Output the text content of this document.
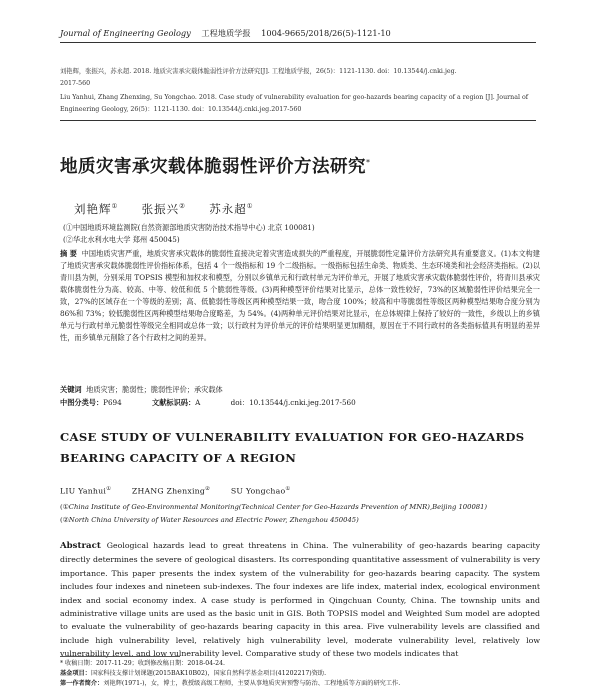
Journal of Engineering Geology 工程地质学报 1004-9665/2018/26(5)-1121-10
刘艳辉，张振兴，苏永超. 2018. 地质灾害承灾载体脆弱性评价方法研究[J]. 工程地质学报，26(5)：1121-1130. doi：10.13544/j.cnki.jeg.
2017-560
Liu Yanhui, Zhang Zhenxing, Su Yongchao. 2018. Case study of vulnerability evaluation for geo-hazards bearing capacity of a region [J]. Journal of
Engineering Geology, 26(5)：1121-1130. doi：10.13544/j.cnki.jeg.2017-560
地质灾害承灾载体脆弱性评价方法研究*
刘艳辉① 张振兴② 苏永超①
(①中国地质环境监测院(自然资源部地质灾害防治技术指导中心) 北京 100081)
(②华北水利水电大学 郑州 450045)
摘 要 中国地质灾害严重，地质灾害承灾载体的脆弱性直接决定着灾害造成损失的严重程度，开展脆弱性定量评价方法研究具有重要意义。(1)本文构建了地质灾害承灾载体脆弱性评价指标体系，包括 4 个一级指标和 19 个二级指标。一级指标包括生命类、物质类、生态环境类和社会经济类指标。(2)以青川县为例，分别采用 TOPSIS 模型和加权求和模型，分别以乡镇单元和行政村单元为评价单元，开展了地质灾害承灾载体脆弱性评价，将青川县承灾载体脆弱性分为高、较高、中等、较低和低 5 个脆弱性等级。(3)两种模型评价结果对比显示，总体一致性较好，73%的区域脆弱性评价结果完全一致，27%的区域存在一个等级的差别；高、低脆弱性等级区两种模型结果一致，吻合度 100%；较高和中等脆弱性等级区两种模型结果吻合度分别为 86%和 73%；较低脆弱性区两种模型结果吻合度略差，为 54%。(4)两种单元评价结果对比显示，在总体规律上保持了较好的一致性，乡级以上的乡镇单元与行政村单元脆弱性等级完全相同或总体一致；以行政村为评价单元的评价结果明显更加精细，原因在于不同行政村的各类指标值具有明显的差异性，而乡镇单元削除了各个行政村之间的差异。
关键词 地质灾害；脆弱性；脆弱性评价；承灾载体
中图分类号：P694	文献标识码：A	doi：10.13544/j.cnki.jeg.2017-560
CASE STUDY OF VULNERABILITY EVALUATION FOR GEO-HAZARDS
BEARING CAPACITY OF A REGION
LIU Yanhui①	ZHANG Zhenxing②	SU Yongchao①
(①China Institute of Geo-Environmental Monitoring(Technical Center for Geo-Hazards Prevention of MNR),Beijing 100081)
(②North China University of Water Resources and Electric Power, Zhengzhou 450045)
Abstract Geological hazards lead to great threatens in China. The vulnerability of geo-hazards bearing capacity directly determines the severe of geological disasters. Its corresponding quantitative assessment of vulnerability is very importance. This paper presents the index system of the vulnerability for geo-hazards bearing capacity. The system includes four indexes and nineteen sub-indexes. The four indexes are life index, material index, ecological environment index and social economy index. A case study is performed in Qingchuan County, China. The township units and administrative village units are used as the basic unit in GIS. Both TOPSIS model and Weighted Sum model are adopted to evaluate the vulnerability of geo-hazards bearing capacity in this area. Five vulnerability levels are classified and include high vulnerability level, relatively high vulnerability level, moderate vulnerability level, relatively low vulnerability level, and low vulnerability level. Comparative study of these two models indicates that
* 收稿日期：2017-11-29；收到修改稿日期：2018-04-24.
基金项目：国家科技支撑计划课题(2015BAK10B02)，国家自然科学基金项目(41202217)资助.
第一作者简介：刘艳辉(1971-)，女，博士，教授级高级工程师，主要从事地质灾害预警与防治、工程地质等方面的研究工作.
